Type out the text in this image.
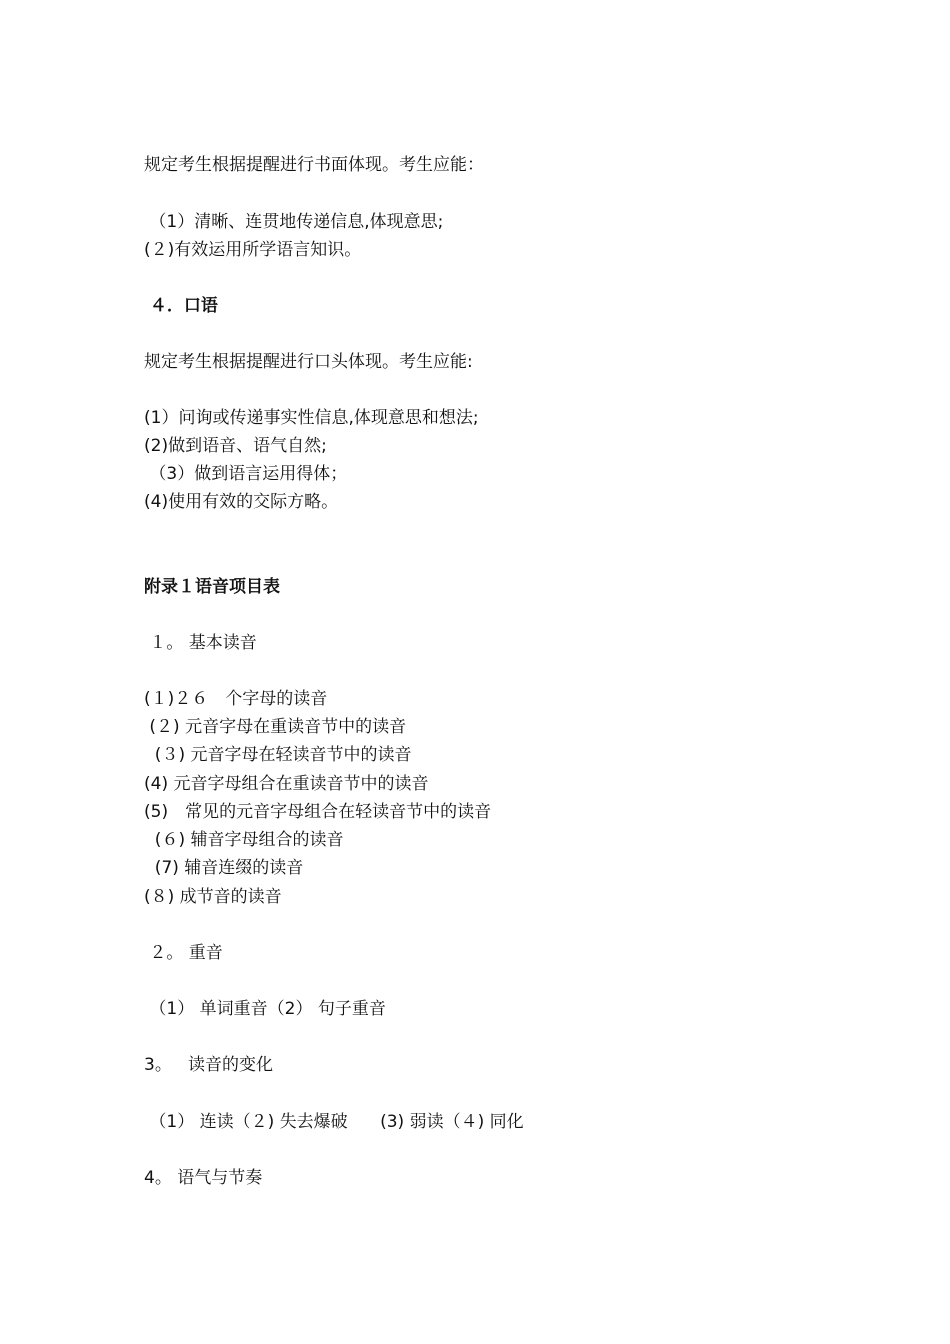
规定考生根据提醒进行书面体现。考生应能：
（1）清晰、连贯地传递信息,体现意思;
(２)有效运用所学语言知识。
４．口语
规定考生根据提醒进行口头体现。考生应能:
(1）问询或传递事实性信息,体现意思和想法;
(2)做到语音、语气自然;
（3）做到语言运用得体；
(4)使用有效的交际方略。
附录１语音项目表
１。 基本读音
(１)２６　个字母的读音
(２) 元音字母在重读音节中的读音
(３) 元音字母在轻读音节中的读音
(4) 元音字母组合在重读音节中的读音
(5)　常见的元音字母组合在轻读音节中的读音
(６) 辅音字母组合的读音
(7) 辅音连缀的读音
(８) 成节音的读音
２。 重音
（1） 单词重音（2） 句子重音
3。   读音的变化
（1） 连读（２) 失去爆破      (3) 弱读（４) 同化
4。 语气与节奏
